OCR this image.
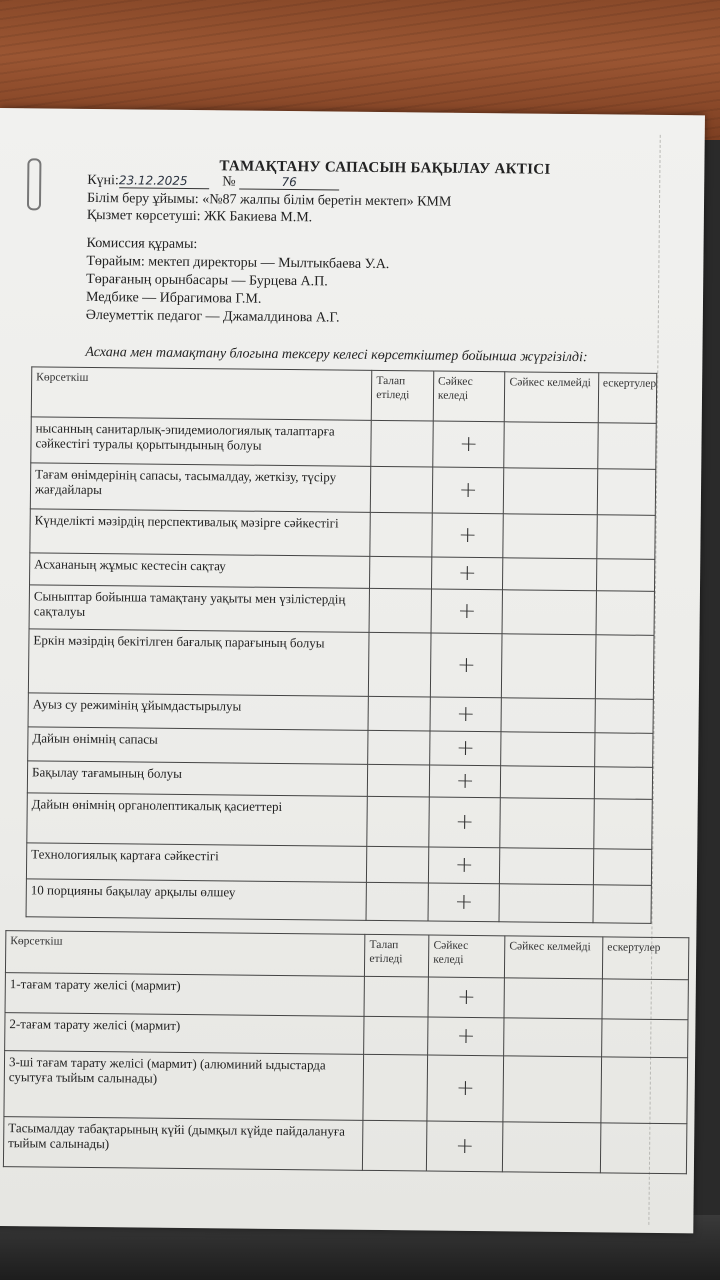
ТАМАҚТАНУ САПАСЫН БАҚЫЛАУ АКТІСІ
Күні:23.12.2025 №	76
Білім беру ұйымы: «№87 жалпы білім беретін мектеп» КММ
Қызмет көрсетуші: ЖК Бакиева М.М.
Комиссия құрамы:
Төрайым: мектеп директоры — Мылтыкбаева У.А.
Төрағаның орынбасары — Бурцева А.П.
Медбике — Ибрагимова Г.М.
Әлеуметтік педагог — Джамалдинова А.Г.
Асхана мен тамақтану блогына тексеру келесі көрсеткіштер бойынша жүргізілді:
Көрсеткіш	Талап етіледі	Сәйкес келеді	Сәйкес келмейді	ескертулер
нысанның санитарлық-эпидемиологиялық талаптарға сәйкестігі туралы қорытындының болуы		+		
Тағам өнімдерінің сапасы, тасымалдау, жеткізу, түсіру жағдайлары		+		
Күнделікті мәзірдің перспективалық мәзірге сәйкестігі		+		
Асхананың жұмыс кестесін сақтау		+		
Сыныптар бойынша тамақтану уақыты мен үзілістердің сақталуы		+		
Еркін мәзірдің бекітілген бағалық парағының болуы		+		
Ауыз су режимінің ұйымдастырылуы		+		
Дайын өнімнің сапасы		+		
Бақылау тағамының болуы		+		
Дайын өнімнің органолептикалық қасиеттері		+		
Технологиялық картаға сәйкестігі		+		
10 порцияны бақылау арқылы өлшеу		+		
Көрсеткіш	Талап етіледі	Сәйкес келеді	Сәйкес келмейді	ескертулер
1-тағам тарату желісі (мармит)		+		
2-тағам тарату желісі (мармит)		+		
3-ші тағам тарату желісі (мармит) (алюминий ыдыстарда суытуға тыйым салынады)		+		
Тасымалдау табақтарының күйі (дымқыл күйде пайдалануға тыйым салынады)		+		
